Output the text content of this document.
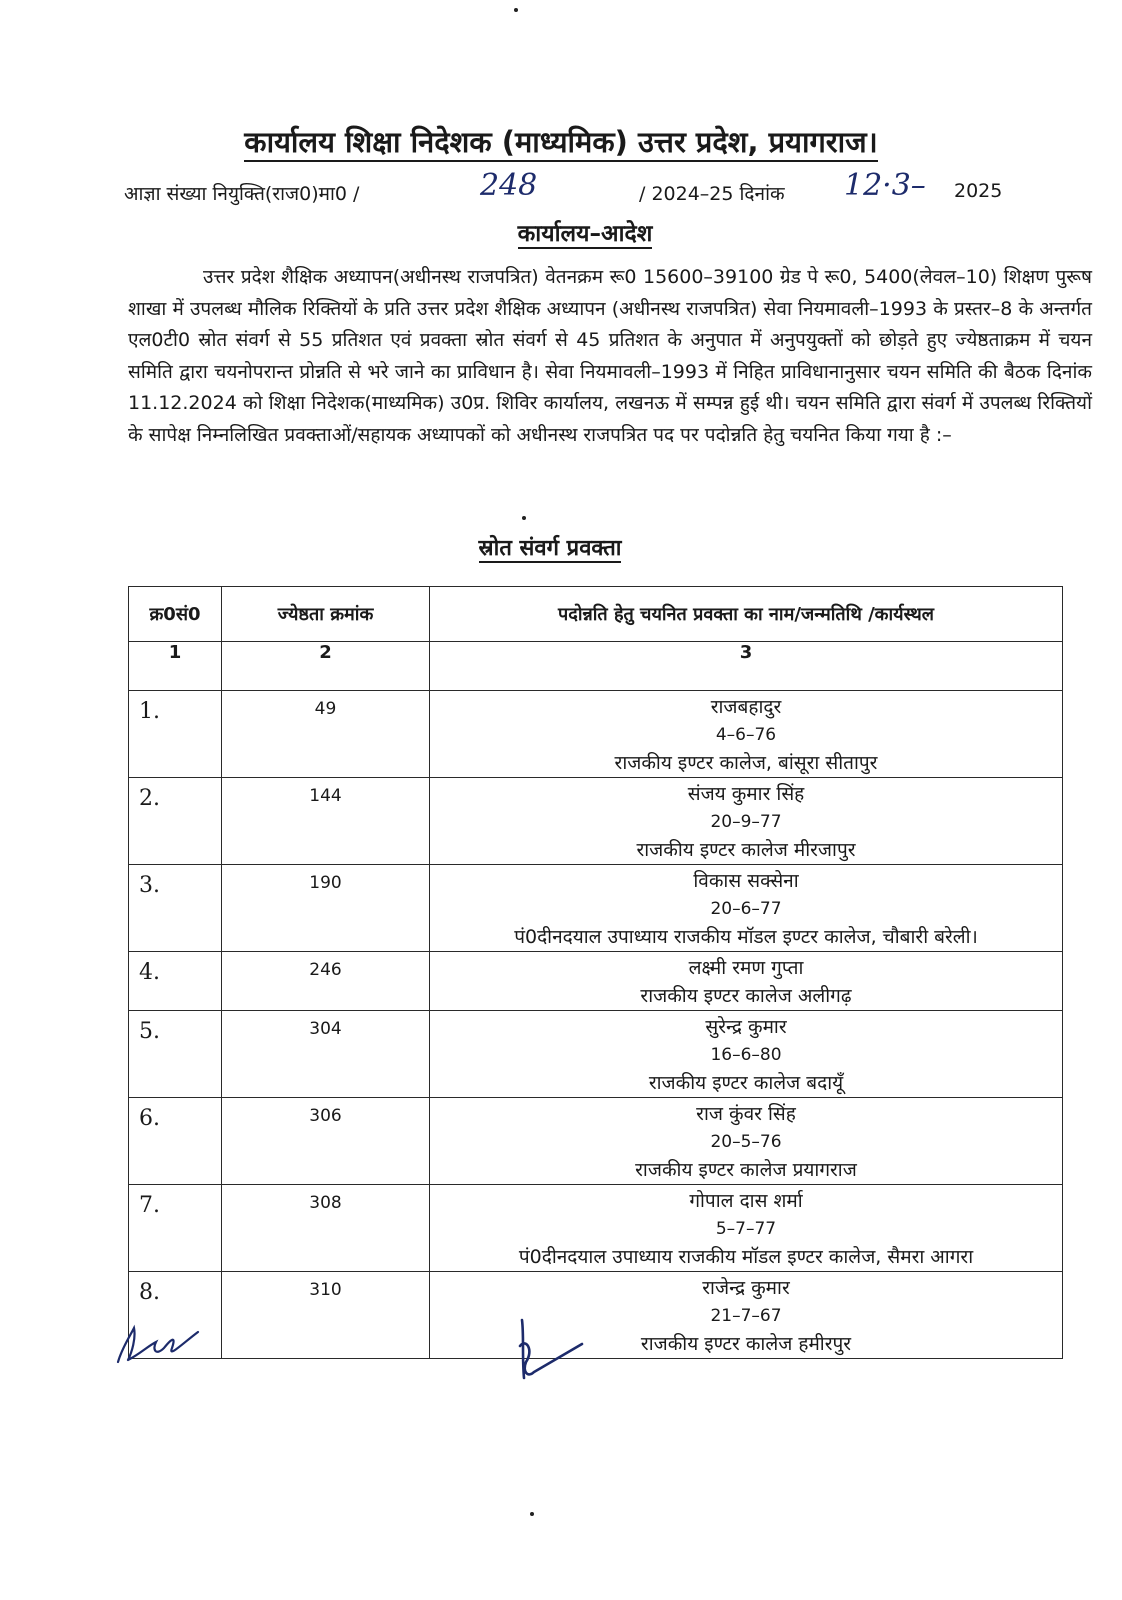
कार्यालय शिक्षा निदेशक (माध्यमिक) उत्तर प्रदेश, प्रयागराज।
आज्ञा संख्या नियुक्ति(राज0)मा0 /	248	/ 2024–25 दिनांक 12·3– 2025
कार्यालय–आदेश

उत्तर प्रदेश शैक्षिक अध्यापन(अधीनस्थ राजपत्रित) वेतनक्रम रू0 15600–39100 ग्रेड पे रू0, 5400(लेवल–10) शिक्षण पुरूष शाखा में उपलब्ध मौलिक रिक्तियों के प्रति उत्तर प्रदेश शैक्षिक अध्यापन (अधीनस्थ राजपत्रित) सेवा नियमावली–1993 के प्रस्तर–8 के अन्तर्गत एल0टी0 स्रोत संवर्ग से 55 प्रतिशत एवं प्रवक्ता स्रोत संवर्ग से 45 प्रतिशत के अनुपात में अनुपयुक्तों को छोड़ते हुए ज्येष्ठताक्रम में चयन समिति द्वारा चयनोपरान्त प्रोन्नति से भरे जाने का प्राविधान है। सेवा नियमावली–1993 में निहित प्राविधानानुसार चयन समिति की बैठक दिनांक 11.12.2024 को शिक्षा निदेशक(माध्यमिक) उ0प्र. शिविर कार्यालय, लखनऊ में सम्पन्न हुई थी। चयन समिति द्वारा संवर्ग में उपलब्ध रिक्तियों के सापेक्ष निम्नलिखित प्रवक्ताओं/सहायक अध्यापकों को अधीनस्थ राजपत्रित पद पर पदोन्नति हेतु चयनित किया गया है :–

स्रोत संवर्ग प्रवक्ता
क्र0सं0	ज्येष्ठता क्रमांक	पदोन्नति हेतु चयनित प्रवक्ता का नाम/जन्मतिथि /कार्यस्थल
1	2	3
1.	49	राजबहादुर
4–6–76
राजकीय इण्टर कालेज, बांसूरा सीतापुर

2.	144	संजय कुमार सिंह
20–9–77
राजकीय इण्टर कालेज मीरजापुर

3.	190	विकास सक्सेना
20–6–77
पं0दीनदयाल उपाध्याय राजकीय मॉडल इण्टर कालेज, चौबारी बरेली।

4.	246	लक्ष्मी रमण गुप्ता
राजकीय इण्टर कालेज अलीगढ़

5.	304	सुरेन्द्र कुमार
16–6–80
राजकीय इण्टर कालेज बदायूँ

6.	306	राज कुंवर सिंह
20–5–76
राजकीय इण्टर कालेज प्रयागराज

7.	308	गोपाल दास शर्मा
5–7–77
पं0दीनदयाल उपाध्याय राजकीय मॉडल इण्टर कालेज, सैमरा आगरा

8.	310	राजेन्द्र कुमार
21–7–67
राजकीय इण्टर कालेज हमीरपुर
